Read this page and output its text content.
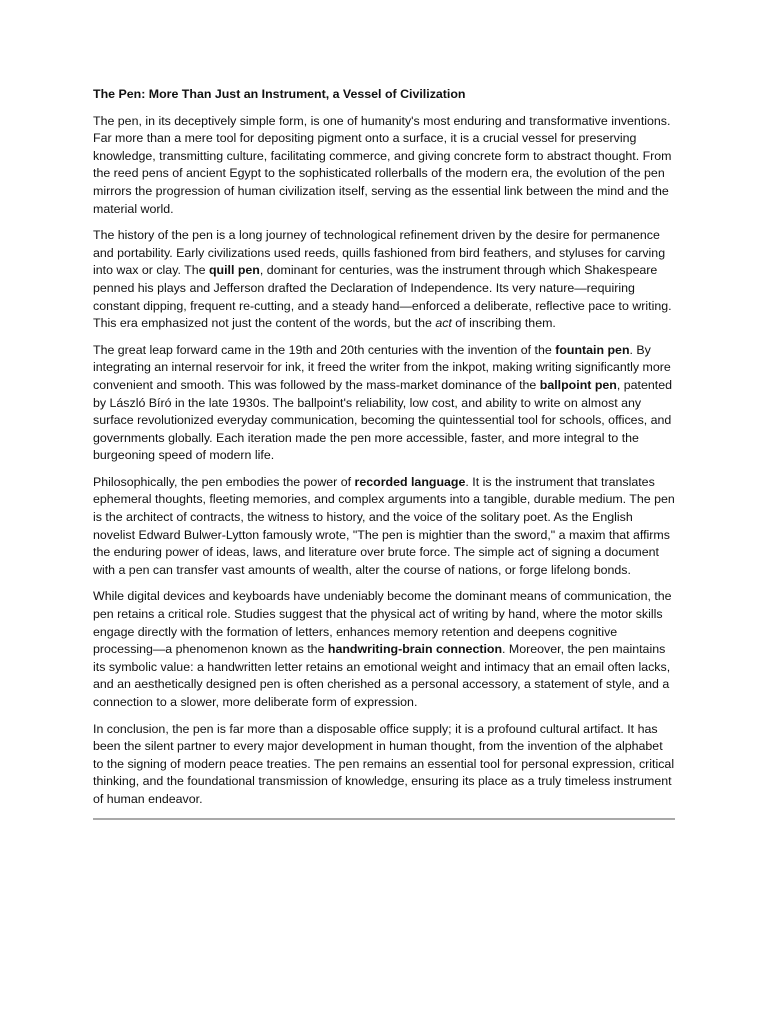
The Pen: More Than Just an Instrument, a Vessel of Civilization

The pen, in its deceptively simple form, is one of humanity's most enduring and transformative inventions. Far more than a mere tool for depositing pigment onto a surface, it is a crucial vessel for preserving knowledge, transmitting culture, facilitating commerce, and giving concrete form to abstract thought. From the reed pens of ancient Egypt to the sophisticated rollerballs of the modern era, the evolution of the pen mirrors the progression of human civilization itself, serving as the essential link between the mind and the material world.

The history of the pen is a long journey of technological refinement driven by the desire for permanence and portability. Early civilizations used reeds, quills fashioned from bird feathers, and styluses for carving into wax or clay. The quill pen, dominant for centuries, was the instrument through which Shakespeare penned his plays and Jefferson drafted the Declaration of Independence. Its very nature—requiring constant dipping, frequent re-cutting, and a steady hand—enforced a deliberate, reflective pace to writing. This era emphasized not just the content of the words, but the act of inscribing them.

The great leap forward came in the 19th and 20th centuries with the invention of the fountain pen. By integrating an internal reservoir for ink, it freed the writer from the inkpot, making writing significantly more convenient and smooth. This was followed by the mass-market dominance of the ballpoint pen, patented by László Bíró in the late 1930s. The ballpoint's reliability, low cost, and ability to write on almost any surface revolutionized everyday communication, becoming the quintessential tool for schools, offices, and governments globally. Each iteration made the pen more accessible, faster, and more integral to the burgeoning speed of modern life.

Philosophically, the pen embodies the power of recorded language. It is the instrument that translates ephemeral thoughts, fleeting memories, and complex arguments into a tangible, durable medium. The pen is the architect of contracts, the witness to history, and the voice of the solitary poet. As the English novelist Edward Bulwer-Lytton famously wrote, "The pen is mightier than the sword," a maxim that affirms the enduring power of ideas, laws, and literature over brute force. The simple act of signing a document with a pen can transfer vast amounts of wealth, alter the course of nations, or forge lifelong bonds.

While digital devices and keyboards have undeniably become the dominant means of communication, the pen retains a critical role. Studies suggest that the physical act of writing by hand, where the motor skills engage directly with the formation of letters, enhances memory retention and deepens cognitive processing—a phenomenon known as the handwriting-brain connection. Moreover, the pen maintains its symbolic value: a handwritten letter retains an emotional weight and intimacy that an email often lacks, and an aesthetically designed pen is often cherished as a personal accessory, a statement of style, and a connection to a slower, more deliberate form of expression.

In conclusion, the pen is far more than a disposable office supply; it is a profound cultural artifact. It has been the silent partner to every major development in human thought, from the invention of the alphabet to the signing of modern peace treaties. The pen remains an essential tool for personal expression, critical thinking, and the foundational transmission of knowledge, ensuring its place as a truly timeless instrument of human endeavor.
